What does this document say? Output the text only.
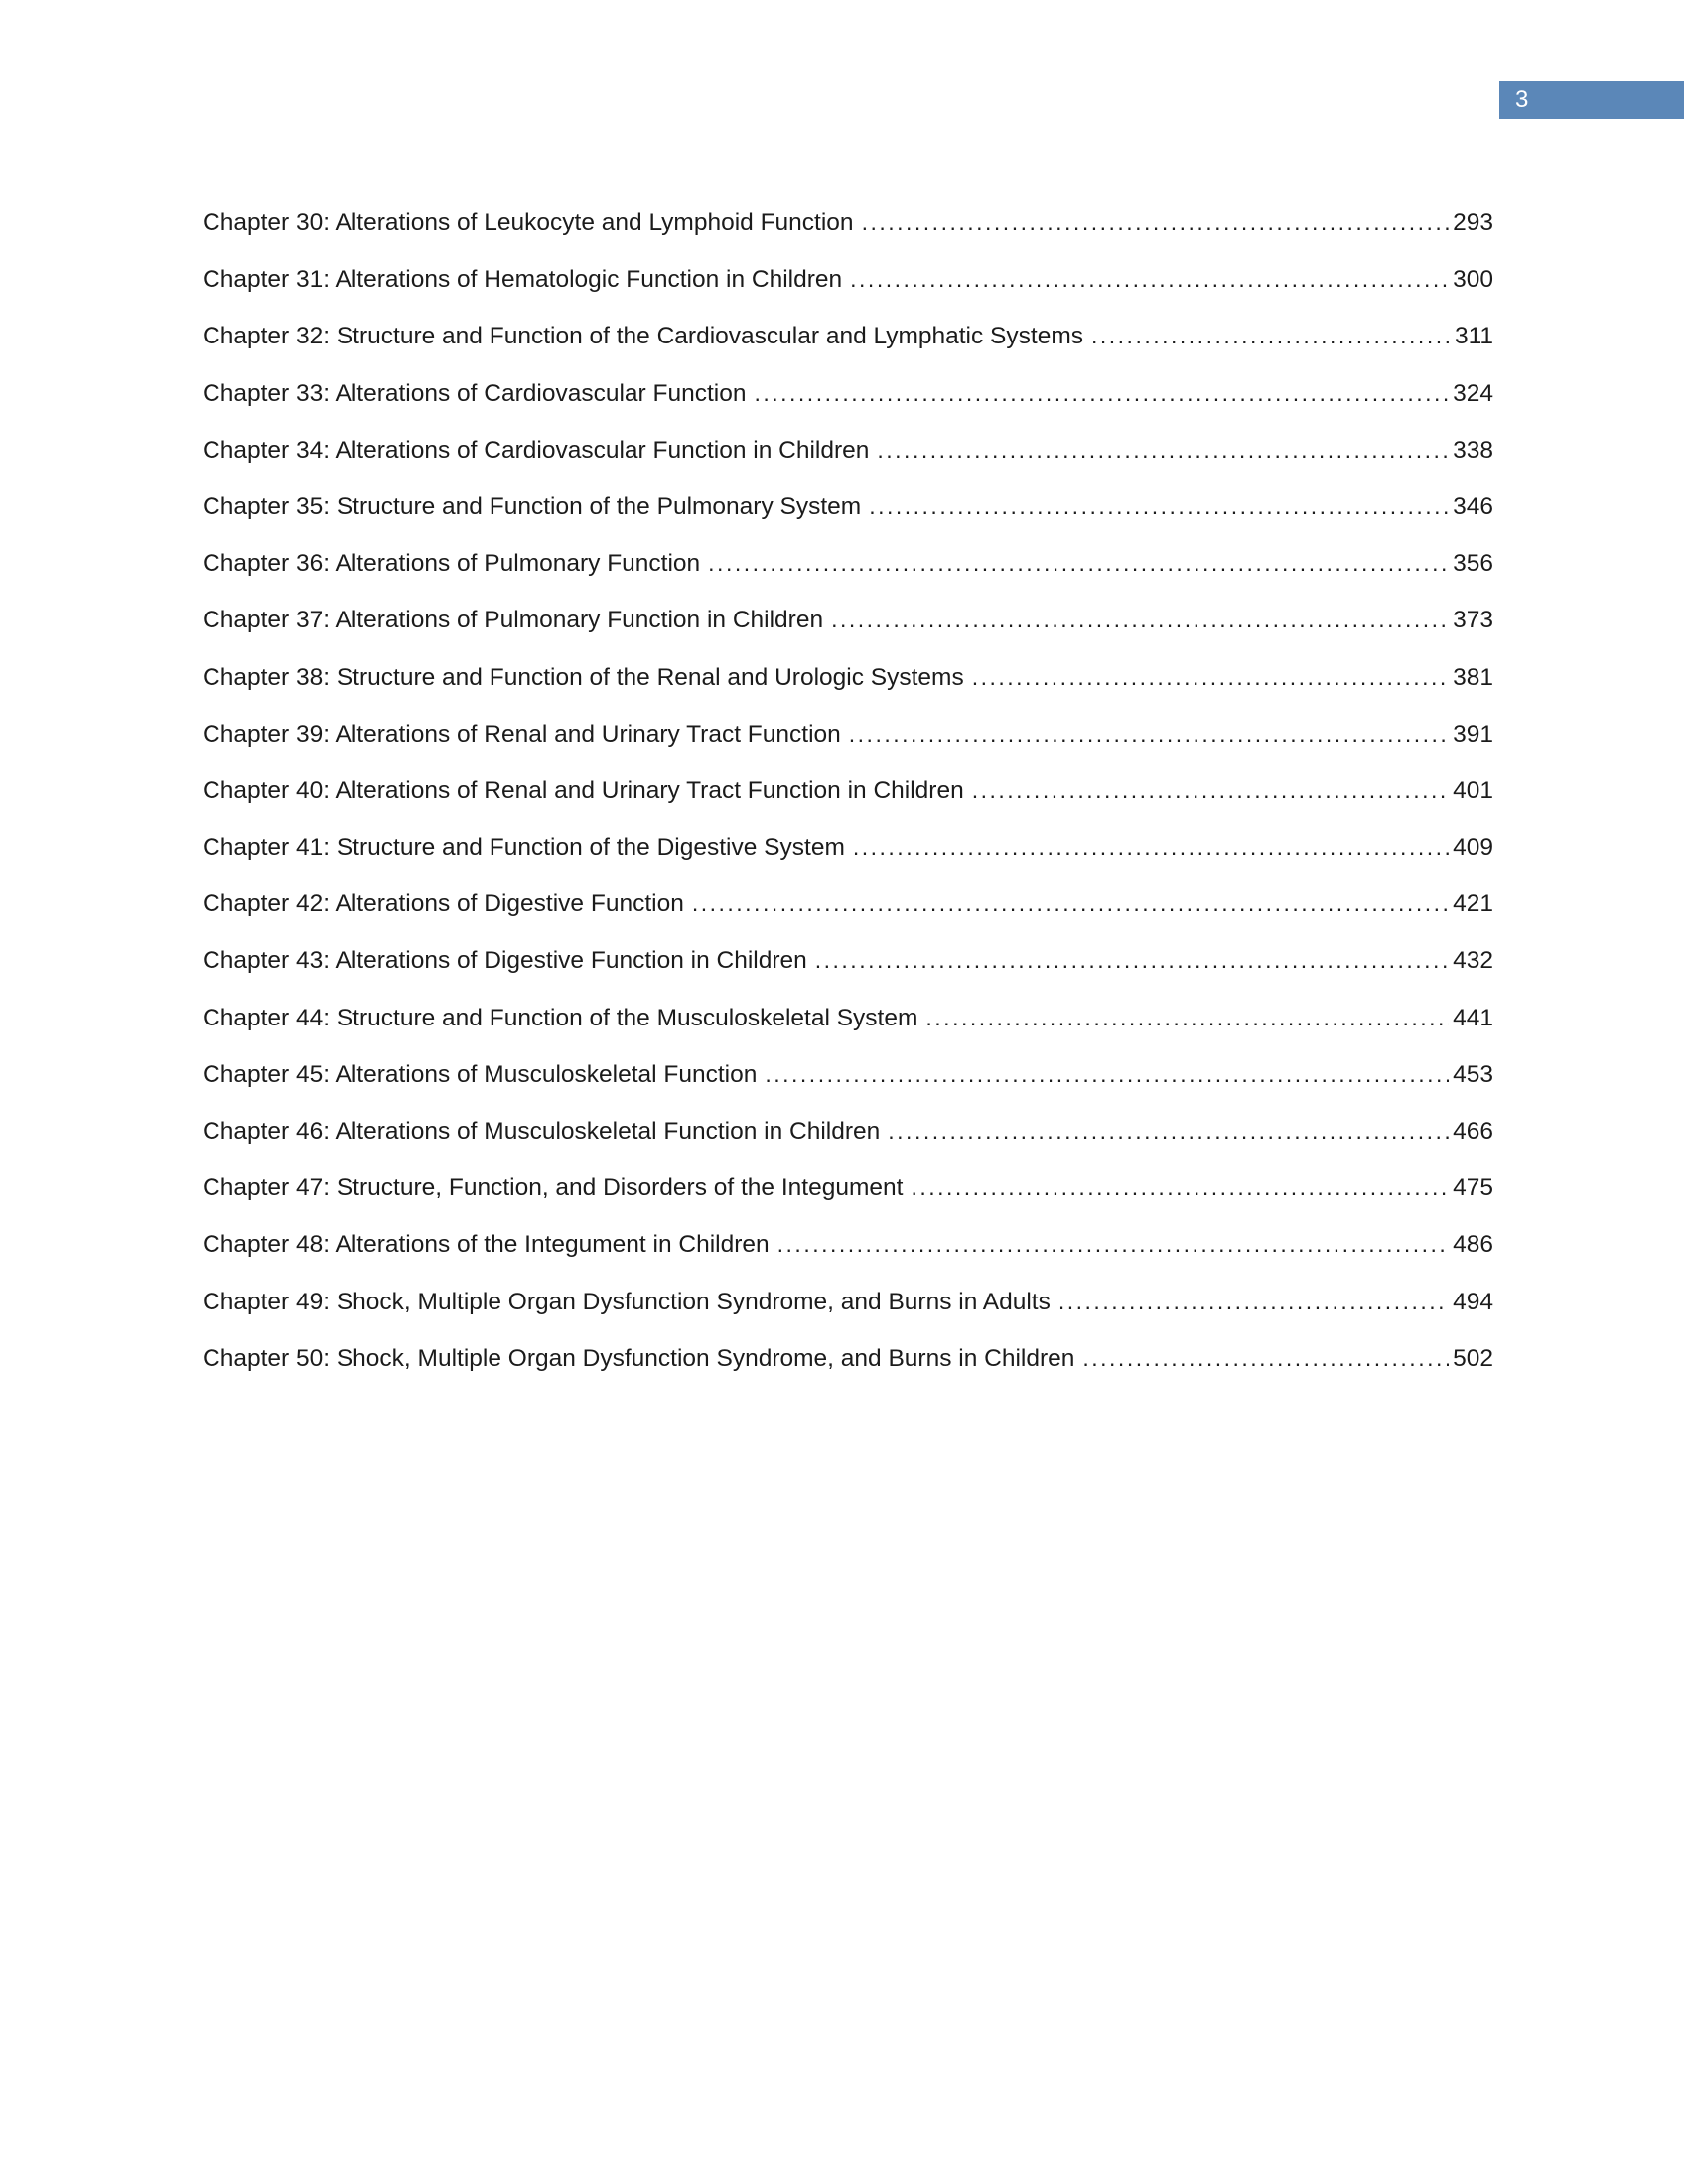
3
Chapter 30: Alterations of Leukocyte and Lymphoid Function .....	293
Chapter 31: Alterations of Hematologic Function in Children .....	300
Chapter 32: Structure and Function of the Cardiovascular and Lymphatic Systems .....	311
Chapter 33: Alterations of Cardiovascular Function .....	324
Chapter 34: Alterations of Cardiovascular Function in Children .....	338
Chapter 35: Structure and Function of the Pulmonary System .....	346
Chapter 36: Alterations of Pulmonary Function .....	356
Chapter 37: Alterations of Pulmonary Function in Children .....	373
Chapter 38: Structure and Function of the Renal and Urologic Systems .....	381
Chapter 39: Alterations of Renal and Urinary Tract Function .....	391
Chapter 40: Alterations of Renal and Urinary Tract Function in Children .....	401
Chapter 41: Structure and Function of the Digestive System .....	409
Chapter 42: Alterations of Digestive Function .....	421
Chapter 43: Alterations of Digestive Function in Children .....	432
Chapter 44: Structure and Function of the Musculoskeletal System .....	441
Chapter 45: Alterations of Musculoskeletal Function .....	453
Chapter 46: Alterations of Musculoskeletal Function in Children .....	466
Chapter 47: Structure, Function, and Disorders of the Integument .....	475
Chapter 48: Alterations of the Integument in Children .....	486
Chapter 49: Shock, Multiple Organ Dysfunction Syndrome, and Burns in Adults .....	494
Chapter 50: Shock, Multiple Organ Dysfunction Syndrome, and Burns in Children .....	502
